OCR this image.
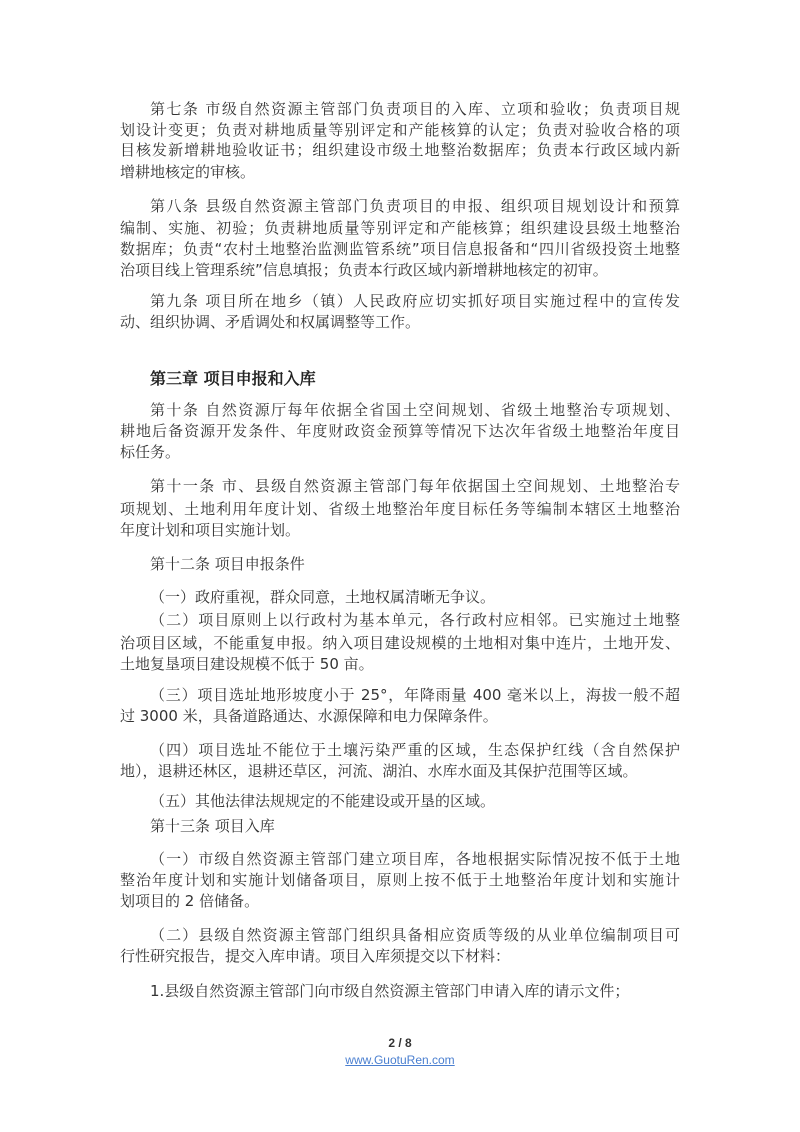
第七条 市级自然资源主管部门负责项目的入库、立项和验收；负责项目规
划设计变更；负责对耕地质量等别评定和产能核算的认定；负责对验收合格的项
目核发新增耕地验收证书；组织建设市级土地整治数据库；负责本行政区域内新
增耕地核定的审核。
第八条 县级自然资源主管部门负责项目的申报、组织项目规划设计和预算
编制、实施、初验；负责耕地质量等别评定和产能核算；组织建设县级土地整治
数据库；负责“农村土地整治监测监管系统”项目信息报备和“四川省级投资土地整
治项目线上管理系统”信息填报；负责本行政区域内新增耕地核定的初审。
第九条 项目所在地乡（镇）人民政府应切实抓好项目实施过程中的宣传发
动、组织协调、矛盾调处和权属调整等工作。
第三章 项目申报和入库
第十条 自然资源厅每年依据全省国土空间规划、省级土地整治专项规划、
耕地后备资源开发条件、年度财政资金预算等情况下达次年省级土地整治年度目
标任务。
第十一条 市、县级自然资源主管部门每年依据国土空间规划、土地整治专
项规划、土地利用年度计划、省级土地整治年度目标任务等编制本辖区土地整治
年度计划和项目实施计划。
第十二条 项目申报条件
（一）政府重视，群众同意，土地权属清晰无争议。
（二）项目原则上以行政村为基本单元，各行政村应相邻。已实施过土地整
治项目区域，不能重复申报。纳入项目建设规模的土地相对集中连片，土地开发、
土地复垦项目建设规模不低于 50 亩。
（三）项目选址地形坡度小于 25°，年降雨量 400 毫米以上，海拔一般不超
过 3000 米，具备道路通达、水源保障和电力保障条件。
（四）项目选址不能位于土壤污染严重的区域，生态保护红线（含自然保护
地），退耕还林区，退耕还草区，河流、湖泊、水库水面及其保护范围等区域。
（五）其他法律法规规定的不能建设或开垦的区域。
第十三条 项目入库
（一）市级自然资源主管部门建立项目库，各地根据实际情况按不低于土地
整治年度计划和实施计划储备项目，原则上按不低于土地整治年度计划和实施计
划项目的 2 倍储备。
（二）县级自然资源主管部门组织具备相应资质等级的从业单位编制项目可
行性研究报告，提交入库申请。项目入库须提交以下材料：
1.县级自然资源主管部门向市级自然资源主管部门申请入库的请示文件；
2 / 8
www.GuotuRen.com
